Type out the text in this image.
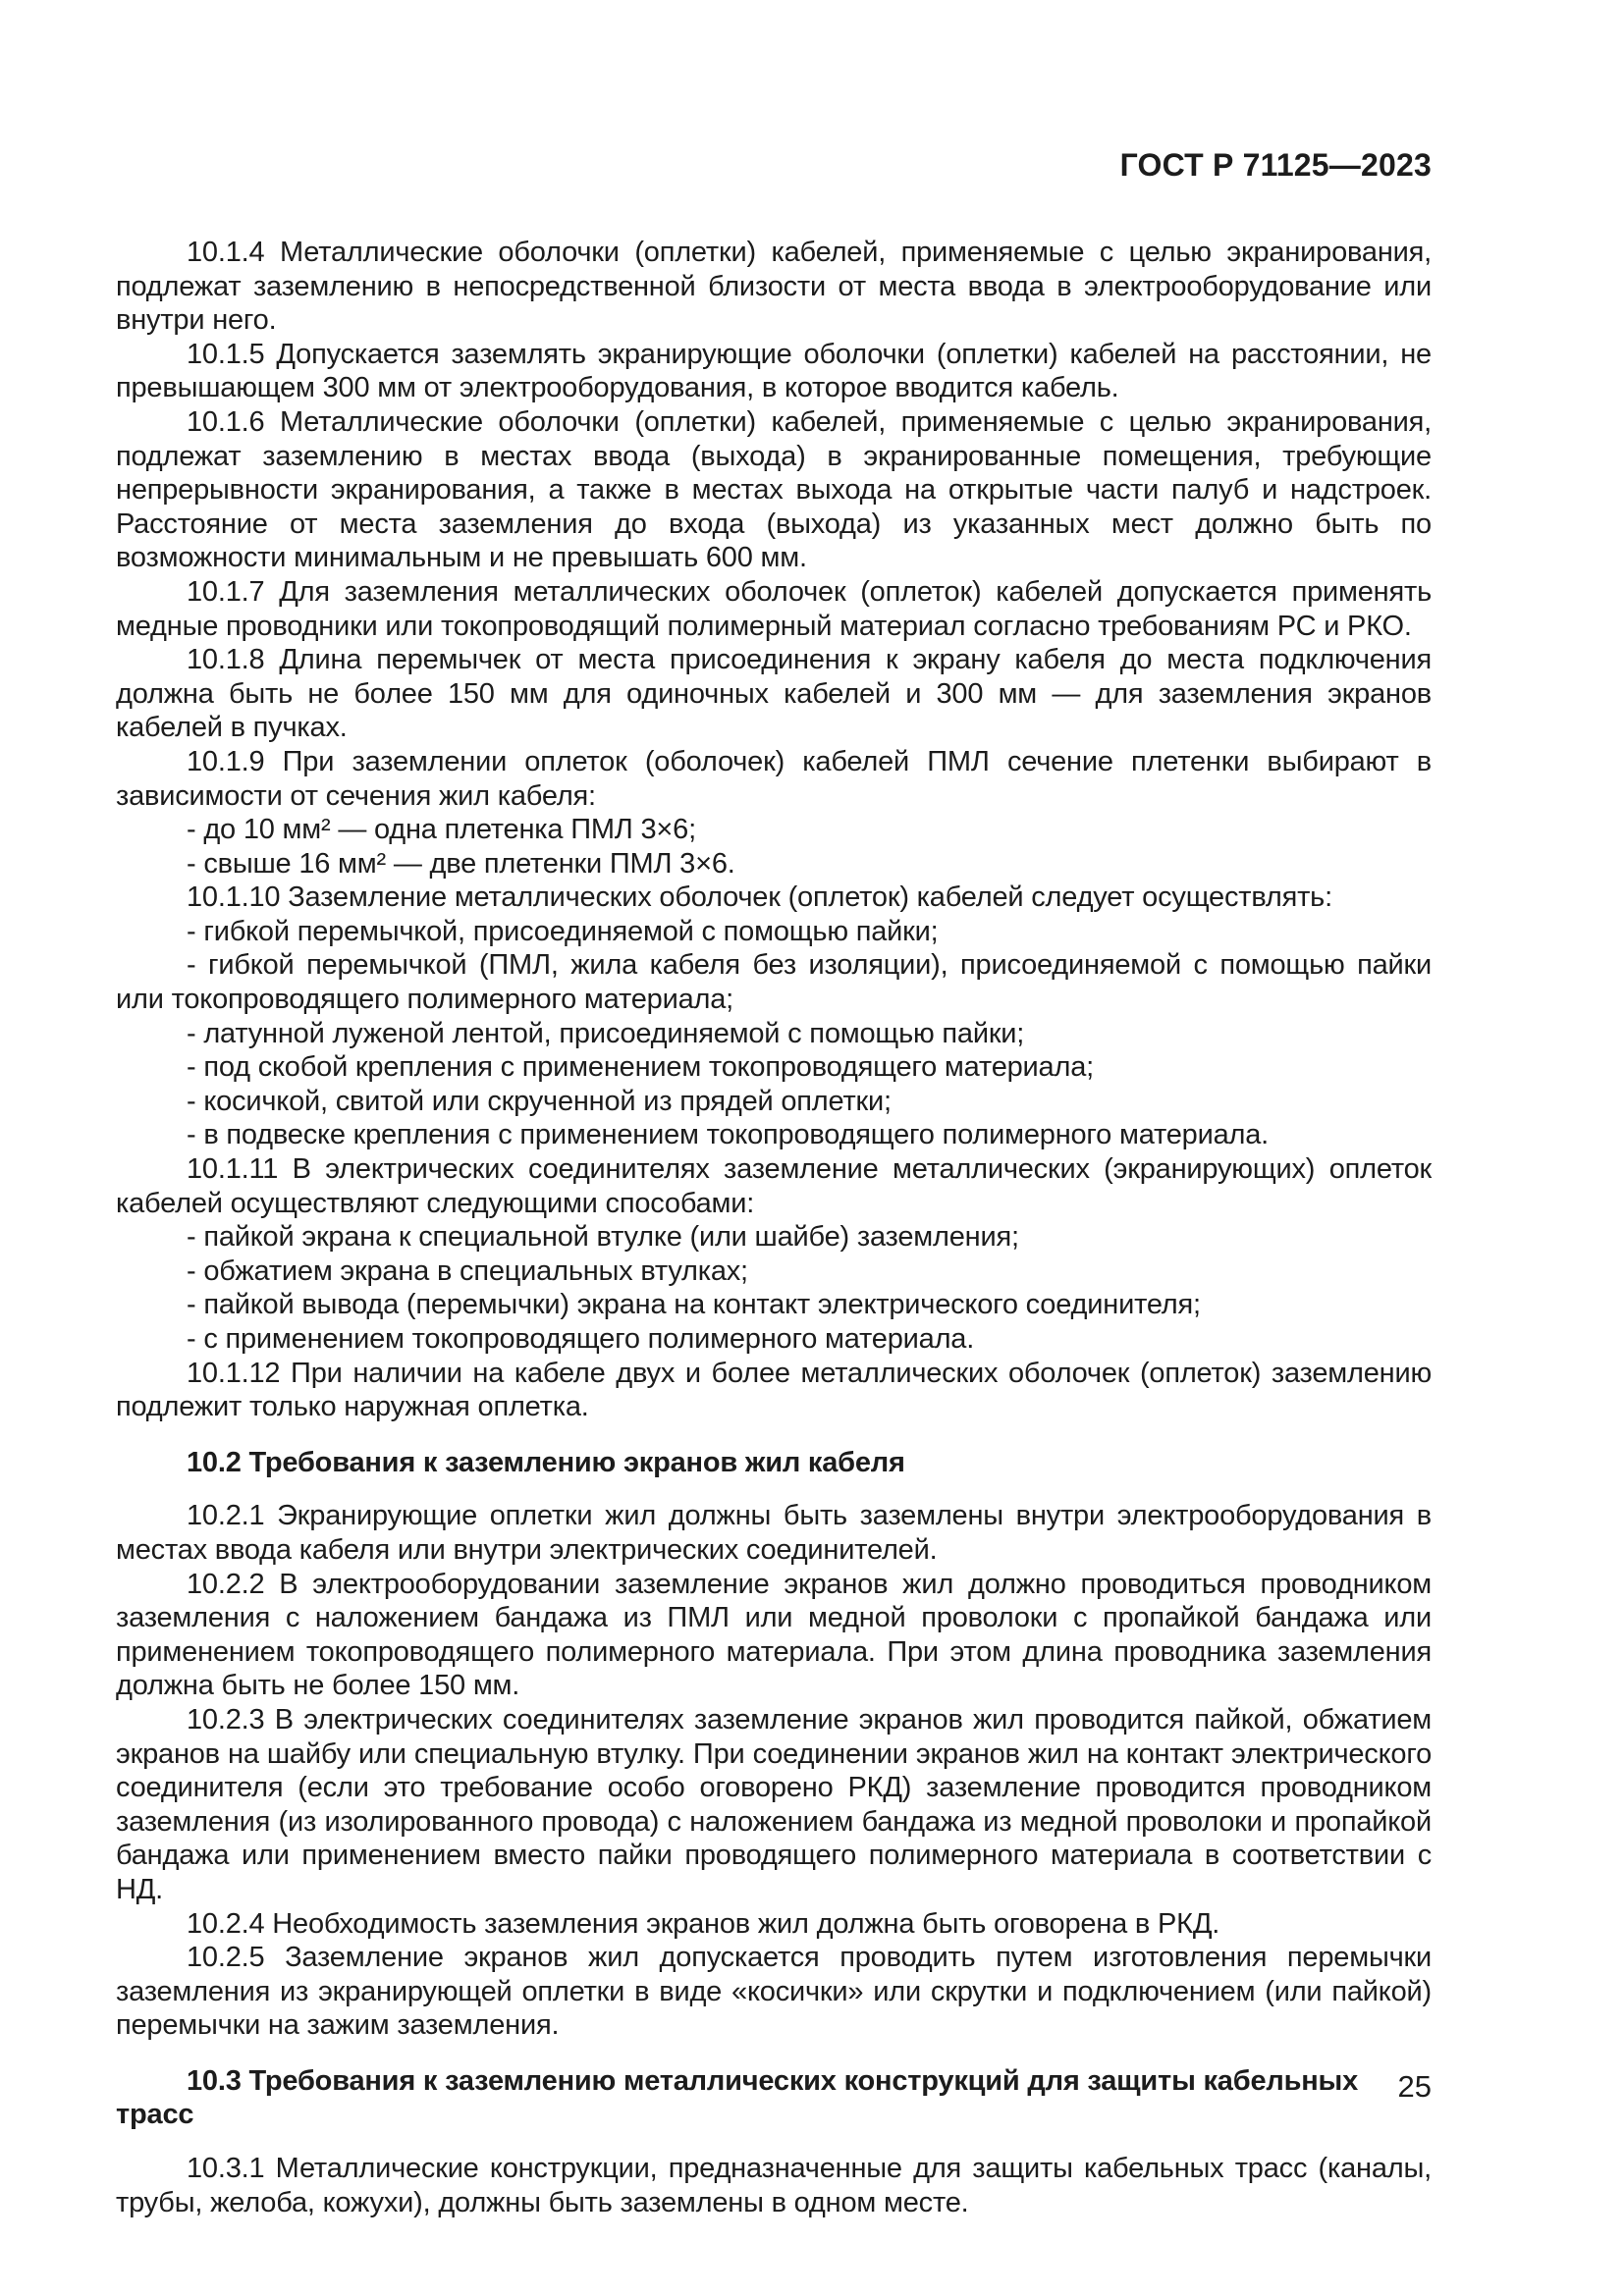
ГОСТ Р 71125—2023

10.1.4 Металлические оболочки (оплетки) кабелей, применяемые с целью экранирования, подлежат заземлению в непосредственной близости от места ввода в электрооборудование или внутри него.

10.1.5 Допускается заземлять экранирующие оболочки (оплетки) кабелей на расстоянии, не превышающем 300 мм от электрооборудования, в которое вводится кабель.

10.1.6 Металлические оболочки (оплетки) кабелей, применяемые с целью экранирования, подлежат заземлению в местах ввода (выхода) в экранированные помещения, требующие непрерывности экранирования, а также в местах выхода на открытые части палуб и надстроек. Расстояние от места заземления до входа (выхода) из указанных мест должно быть по возможности минимальным и не превышать 600 мм.

10.1.7 Для заземления металлических оболочек (оплеток) кабелей допускается применять медные проводники или токопроводящий полимерный материал согласно требованиям РС и РКО.

10.1.8 Длина перемычек от места присоединения к экрану кабеля до места подключения должна быть не более 150 мм для одиночных кабелей и 300 мм — для заземления экранов кабелей в пучках.

10.1.9 При заземлении оплеток (оболочек) кабелей ПМЛ сечение плетенки выбирают в зависимости от сечения жил кабеля:

- до 10 мм² — одна плетенка ПМЛ 3×6;

- свыше 16 мм² — две плетенки ПМЛ 3×6.

10.1.10 Заземление металлических оболочек (оплеток) кабелей следует осуществлять:

- гибкой перемычкой, присоединяемой с помощью пайки;

- гибкой перемычкой (ПМЛ, жила кабеля без изоляции), присоединяемой с помощью пайки или токопроводящего полимерного материала;

- латунной луженой лентой, присоединяемой с помощью пайки;

- под скобой крепления с применением токопроводящего материала;

- косичкой, свитой или скрученной из прядей оплетки;

- в подвеске крепления с применением токопроводящего полимерного материала.

10.1.11 В электрических соединителях заземление металлических (экранирующих) оплеток кабелей осуществляют следующими способами:

- пайкой экрана к специальной втулке (или шайбе) заземления;

- обжатием экрана в специальных втулках;

- пайкой вывода (перемычки) экрана на контакт электрического соединителя;

- с применением токопроводящего полимерного материала.

10.1.12 При наличии на кабеле двух и более металлических оболочек (оплеток) заземлению подлежит только наружная оплетка.

10.2 Требования к заземлению экранов жил кабеля

10.2.1 Экранирующие оплетки жил должны быть заземлены внутри электрооборудования в местах ввода кабеля или внутри электрических соединителей.

10.2.2 В электрооборудовании заземление экранов жил должно проводиться проводником заземления с наложением бандажа из ПМЛ или медной проволоки с пропайкой бандажа или применением токопроводящего полимерного материала. При этом длина проводника заземления должна быть не более 150 мм.

10.2.3 В электрических соединителях заземление экранов жил проводится пайкой, обжатием экранов на шайбу или специальную втулку. При соединении экранов жил на контакт электрического соединителя (если это требование особо оговорено РКД) заземление проводится проводником заземления (из изолированного провода) с наложением бандажа из медной проволоки и пропайкой бандажа или применением вместо пайки проводящего полимерного материала в соответствии с НД.

10.2.4 Необходимость заземления экранов жил должна быть оговорена в РКД.

10.2.5 Заземление экранов жил допускается проводить путем изготовления перемычки заземления из экранирующей оплетки в виде «косички» или скрутки и подключением (или пайкой) перемычки на зажим заземления.

10.3 Требования к заземлению металлических конструкций для защиты кабельных трасс

10.3.1 Металлические конструкции, предназначенные для защиты кабельных трасс (каналы, трубы, желоба, кожухи), должны быть заземлены в одном месте.

25
